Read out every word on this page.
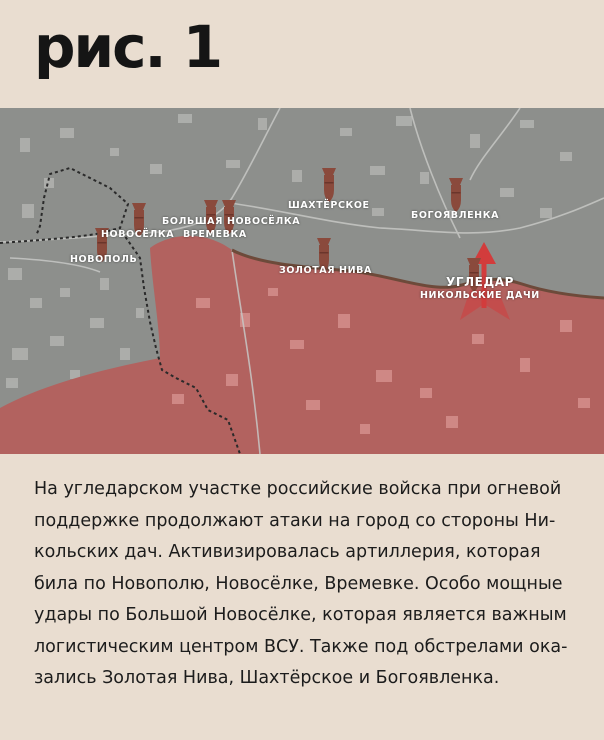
рис. 1
НОВОПОЛЬ
НОВОСЁЛКА
БОЛЬШАЯ НОВОСЁЛКА
ВРЕМЕВКА
ШАХТЁРСКОЕ
БОГОЯВЛЕНКА
ЗОЛОТАЯ НИВА
УГЛЕДАР
НИКОЛЬСКИЕ ДАЧИ
На угледарском участке российские войска при огневой
поддержке продолжают атаки на город со стороны Ни-
кольских дач. Активизировалась артиллерия, которая
била по Новополю, Новосёлке, Времевке. Особо мощные
удары по Большой Новосёлке, которая является важным
логистическим центром ВСУ. Также под обстрелами ока-
зались Золотая Нива, Шахтёрское и Богоявленка.
